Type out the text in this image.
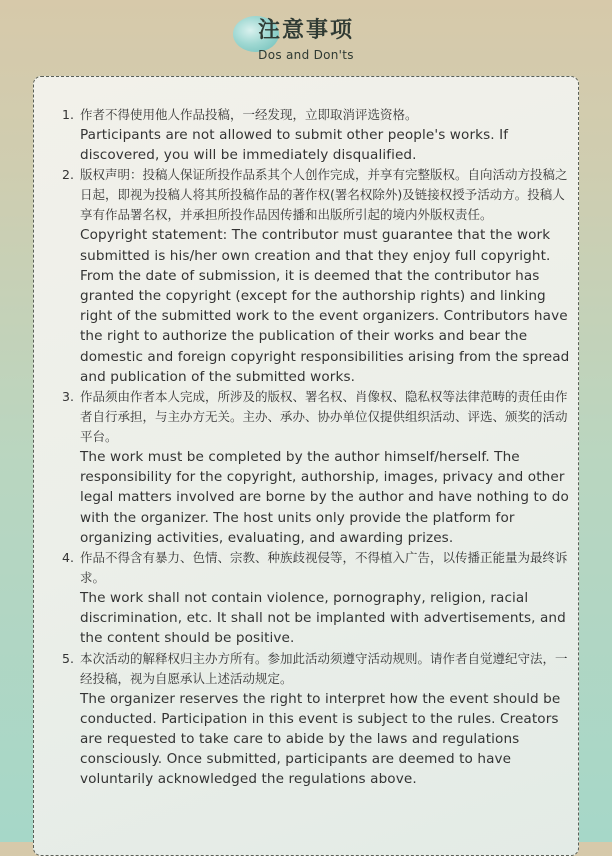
注意事项
Dos and Don'ts
1. 作者不得使用他人作品投稿，一经发现，立即取消评选资格。
Participants are not allowed to submit other people's works. If discovered, you will be immediately disqualified.
2. 版权声明：投稿人保证所投作品系其个人创作完成，并享有完整版权。自向活动方投稿之日起，即视为投稿人将其所投稿作品的著作权(署名权除外)及链接权授予活动方。投稿人享有作品署名权，并承担所投作品因传播和出版所引起的境内外版权责任。
Copyright statement: The contributor must guarantee that the work submitted is his/her own creation and that they enjoy full copyright. From the date of submission, it is deemed that the contributor has granted the copyright (except for the authorship rights) and linking right of the submitted work to the event organizers. Contributors have the right to authorize the publication of their works and bear the domestic and foreign copyright responsibilities arising from the spread and publication of the submitted works.
3. 作品须由作者本人完成，所涉及的版权、署名权、肖像权、隐私权等法律范畴的责任由作者自行承担，与主办方无关。主办、承办、协办单位仅提供组织活动、评选、颁奖的活动平台。
The work must be completed by the author himself/herself. The responsibility for the copyright, authorship, images, privacy and other legal matters involved are borne by the author and have nothing to do with the organizer. The host units only provide the platform for organizing activities, evaluating, and awarding prizes.
4. 作品不得含有暴力、色情、宗教、种族歧视侵等，不得植入广告，以传播正能量为最终诉求。
The work shall not contain violence, pornography, religion, racial discrimination, etc. It shall not be implanted with advertisements, and the content should be positive.
5. 本次活动的解释权归主办方所有。参加此活动须遵守活动规则。请作者自觉遵纪守法，一经投稿，视为自愿承认上述活动规定。
The organizer reserves the right to interpret how the event should be conducted. Participation in this event is subject to the rules. Creators are requested to take care to abide by the laws and regulations consciously. Once submitted, participants are deemed to have voluntarily acknowledged the regulations above.
